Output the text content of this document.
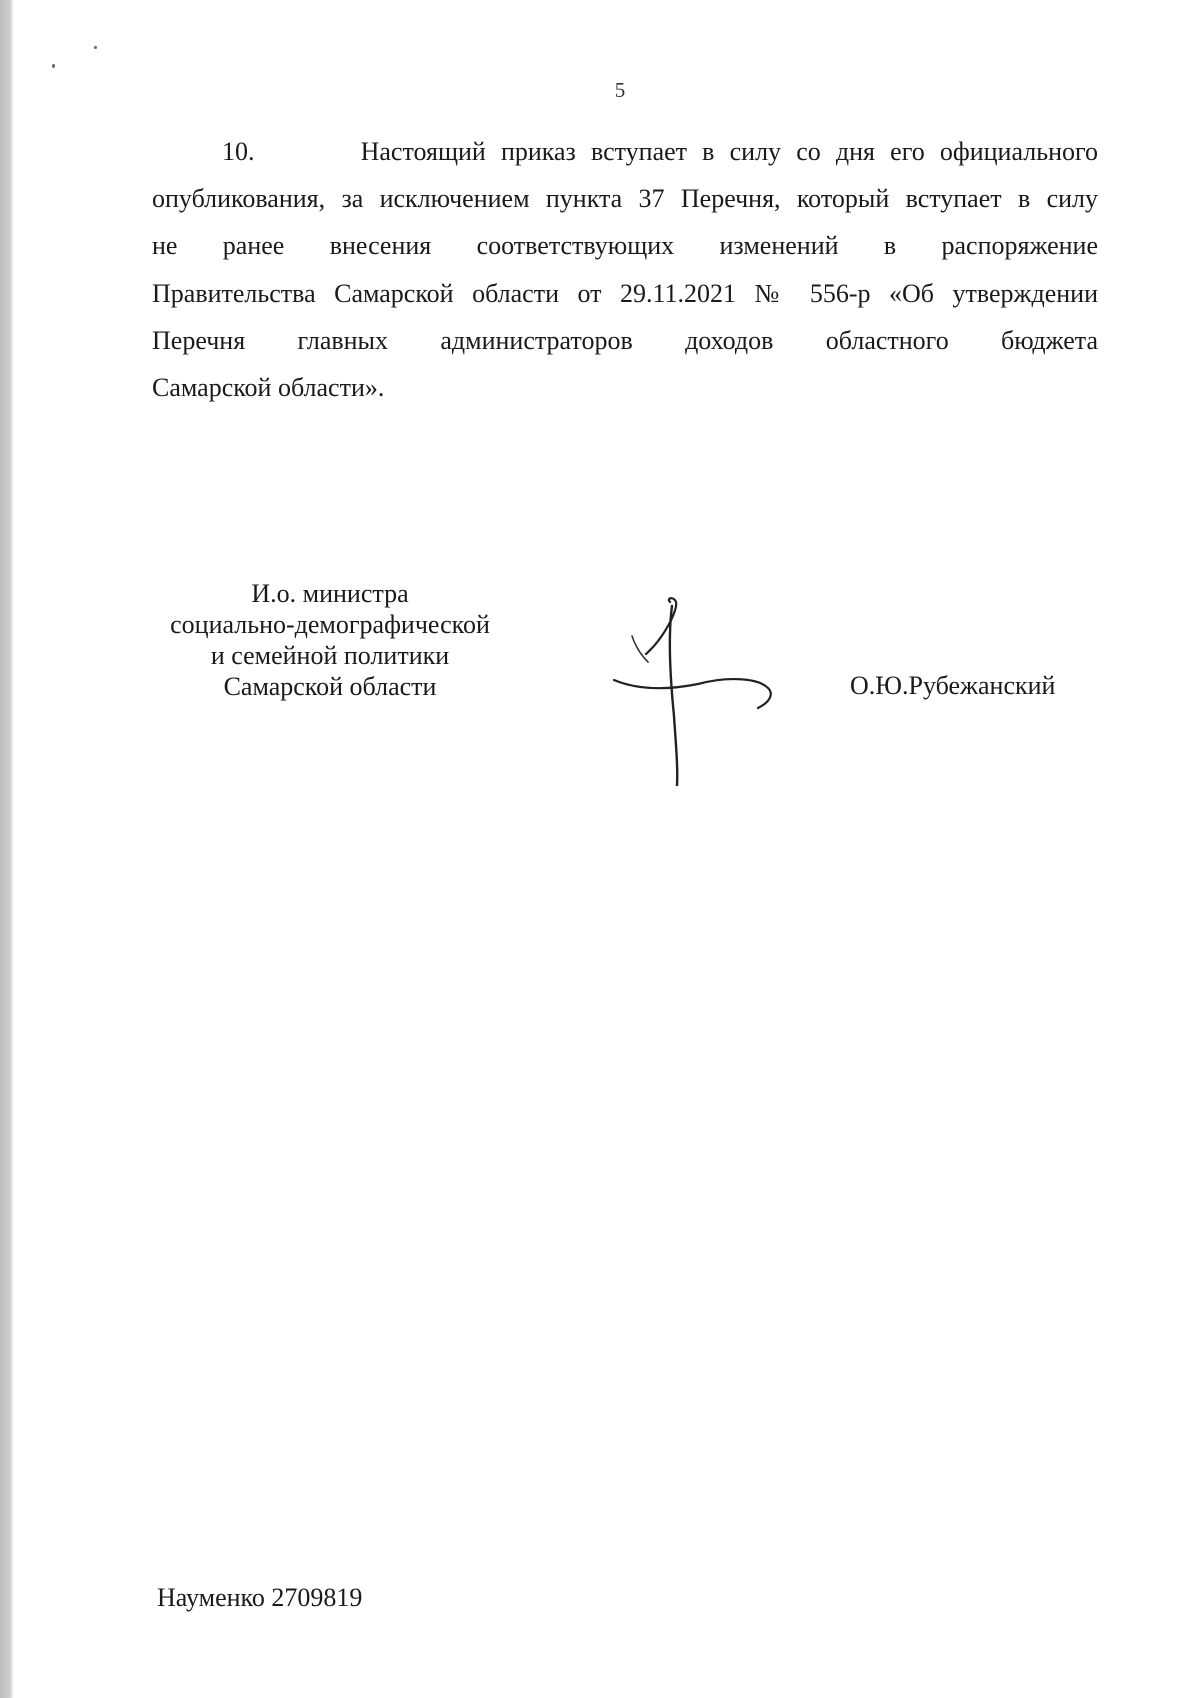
5
10.	Настоящий приказ вступает в силу со дня его официального
опубликования, за исключением пункта 37 Перечня, который вступает в силу
не ранее внесения соответствующих изменений в распоряжение
Правительства Самарской области от 29.11.2021 № 556-р «Об утверждении
Перечня главных администраторов доходов областного бюджета
Самарской области».
И.о. министра
социально-демографической
и семейной политики
Самарской области	О.Ю.Рубежанский
Науменко 2709819
